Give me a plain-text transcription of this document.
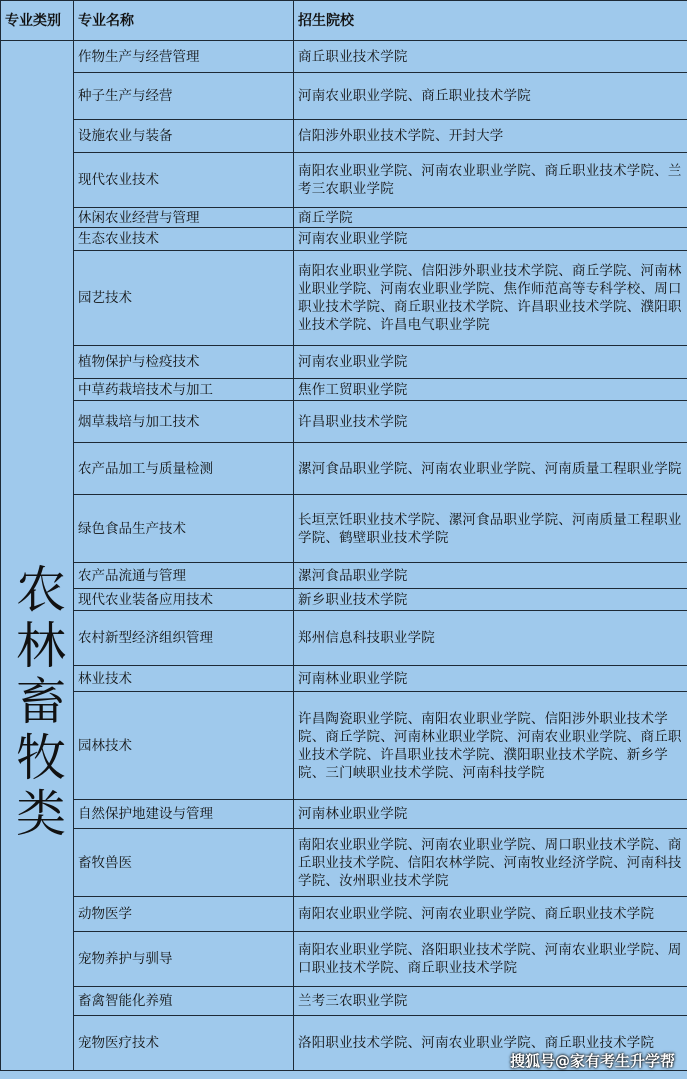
专业类别	专业名称	招生院校
农林畜牧类	作物生产与经营管理	商丘职业技术学院
	种子生产与经营	河南农业职业学院、商丘职业技术学院
	设施农业与装备	信阳涉外职业技术学院、开封大学
	现代农业技术	南阳农业职业学院、河南农业职业学院、商丘职业技术学院、兰考三农职业学院
	休闲农业经营与管理	商丘学院
	生态农业技术	河南农业职业学院
	园艺技术	南阳农业职业学院、信阳涉外职业技术学院、商丘学院、河南林业职业学院、河南农业职业学院、焦作师范高等专科学校、周口职业技术学院、商丘职业技术学院、许昌职业技术学院、濮阳职业技术学院、许昌电气职业学院
	植物保护与检疫技术	河南农业职业学院
	中草药栽培技术与加工	焦作工贸职业学院
	烟草栽培与加工技术	许昌职业技术学院
	农产品加工与质量检测	漯河食品职业学院、河南农业职业学院、河南质量工程职业学院
	绿色食品生产技术	长垣烹饪职业技术学院、漯河食品职业学院、河南质量工程职业学院、鹤壁职业技术学院
	农产品流通与管理	漯河食品职业学院
	现代农业装备应用技术	新乡职业技术学院
	农村新型经济组织管理	郑州信息科技职业学院
	林业技术	河南林业职业学院
	园林技术	许昌陶瓷职业学院、南阳农业职业学院、信阳涉外职业技术学院、商丘学院、河南林业职业学院、河南农业职业学院、商丘职业技术学院、许昌职业技术学院、濮阳职业技术学院、新乡学院、三门峡职业技术学院、河南科技学院
	自然保护地建设与管理	河南林业职业学院
	畜牧兽医	南阳农业职业学院、河南农业职业学院、周口职业技术学院、商丘职业技术学院、信阳农林学院、河南牧业经济学院、河南科技学院、汝州职业技术学院
	动物医学	南阳农业职业学院、河南农业职业学院、商丘职业技术学院
	宠物养护与驯导	南阳农业职业学院、洛阳职业技术学院、河南农业职业学院、周口职业技术学院、商丘职业技术学院
	畜禽智能化养殖	兰考三农职业学院
	宠物医疗技术	洛阳职业技术学院、河南农业职业学院、商丘职业技术学院
搜狐号@家有考生升学帮
